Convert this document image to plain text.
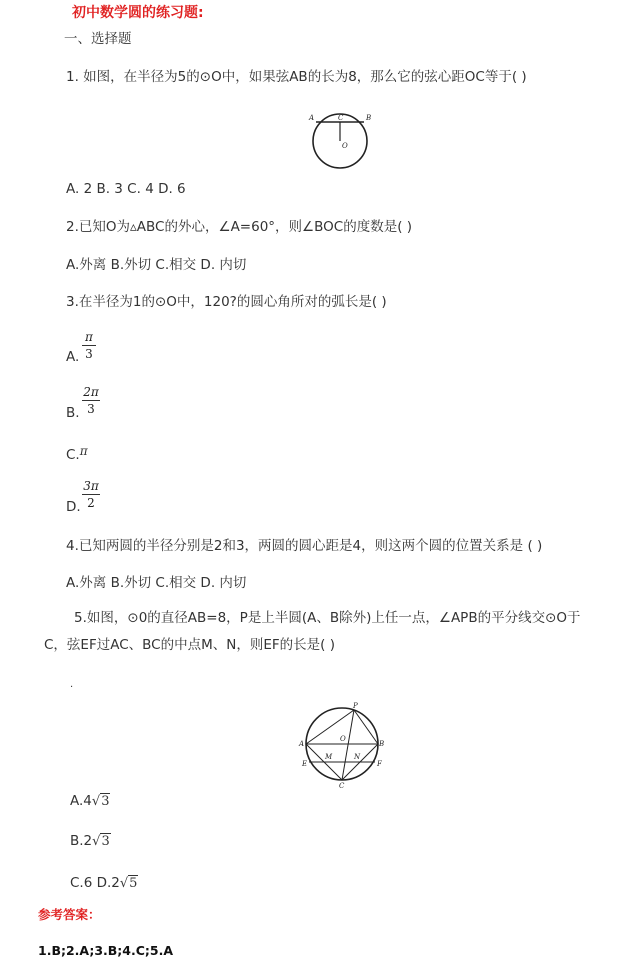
初中数学圆的练习题:
一、选择题
1. 如图，在半径为5的⊙O中，如果弦AB的长为8，那么它的弦心距OC等于( )
A	C	B
O
A. 2 B. 3 C. 4 D. 6
2.已知O为▵ABC的外心，∠A=60°，则∠BOC的度数是( )
A.外离 B.外切 C.相交 D. 内切
3.在半径为1的⊙O中，120?的圆心角所对的弧长是( )
A.
π
3
B.
2π
3
C.π
D.
3π
2
4.已知两圆的半径分别是2和3，两圆的圆心距是4，则这两个圆的位置关系是 ( )
A.外离 B.外切 C.相交 D. 内切
5.如图，⊙0的直径AB=8，P是上半圆(A、B除外)上任一点，∠APB的平分线交⊙O于
C，弦EF过AC、BC的中点M、N，则EF的长是( )
.
P
A
O
B
M	N
E	F
C
A.4√3
B.2√3
C.6 D.2√5
参考答案：
1.B;2.A;3.B;4.C;5.A
